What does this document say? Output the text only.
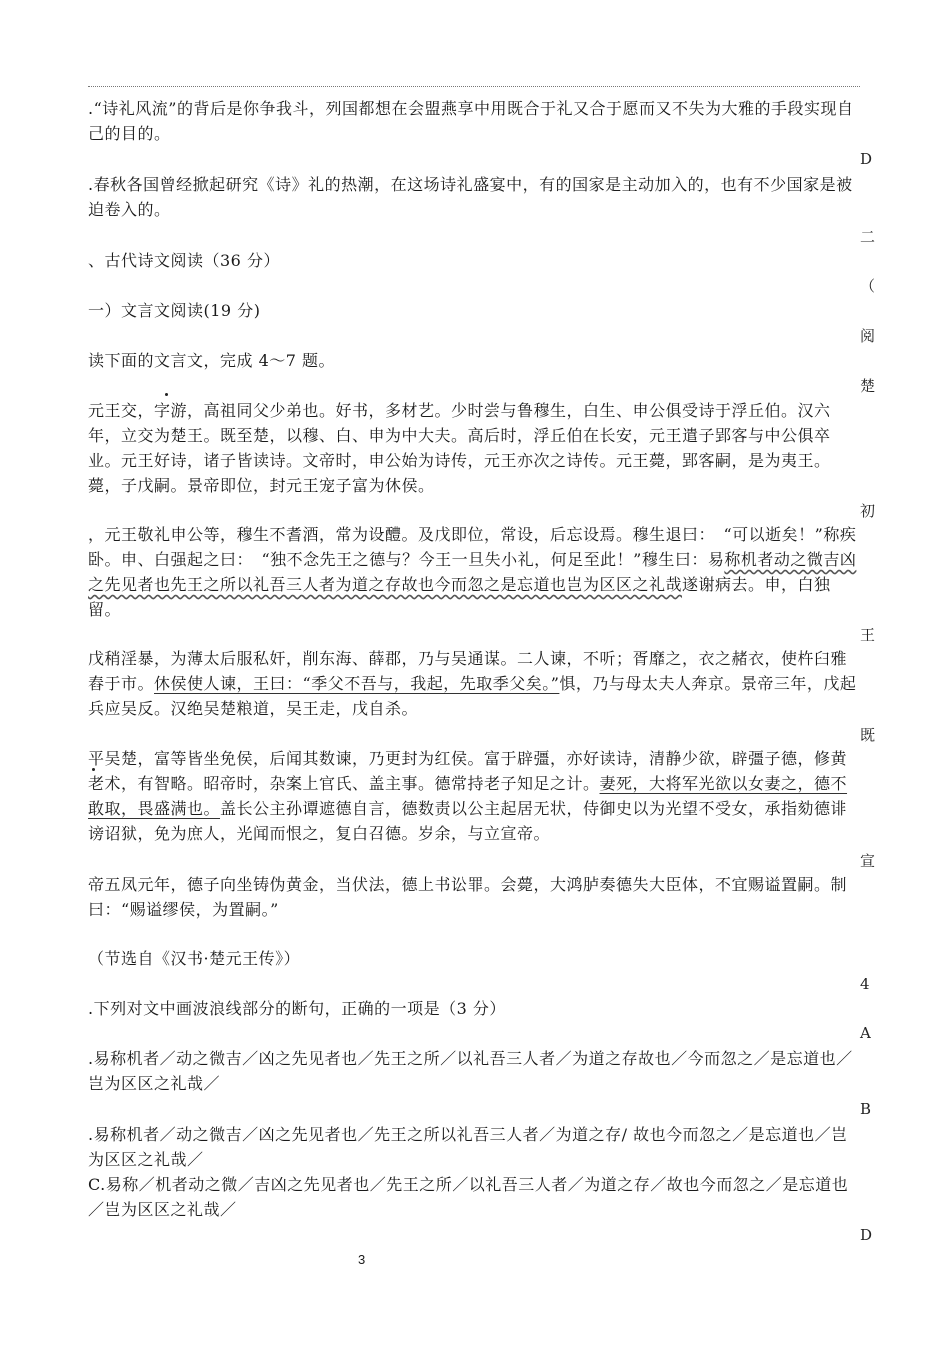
.“诗礼风流”的背后是你争我斗，列国都想在会盟燕享中用既合于礼又合于愿而又不失为大雅的手段实现自己的目的。
.春秋各国曾经掀起研究《诗》礼的热潮，在这场诗礼盛宴中，有的国家是主动加入的，也有不少国家是被迫卷入的。
、古代诗文阅读（36 分）
一）文言文阅读(19 分)
读下面的文言文，完成 4～7 题。
元王交，字游，高祖同父少弟也。好书，多材艺。少时尝与鲁穆生，白生、申公俱受诗于浮丘伯。汉六年，立交为楚王。既至楚，以穆、白、申为中大夫。高后时，浮丘伯在长安，元王遣子郢客与中公俱卒业。元王好诗，诸子皆读诗。文帝时，申公始为诗传，元王亦次之诗传。元王薨，郢客嗣，是为夷王。薨，子戊嗣。景帝即位，封元王宠子富为休侯。
，元王敬礼申公等，穆生不耆酒，常为设醴。及戊即位，常设，后忘设焉。穆生退曰：　“可以逝矣！”称疾卧。申、白强起之曰：　“独不念先王之德与？今王一旦失小礼，何足至此！”穆生曰：易称机者动之微吉凶之先见者也先王之所以礼吾三人者为道之存故也今而忽之是忘道也岂为区区之礼哉遂谢病去。申，白独留。
戊稍淫暴，为薄太后服私奸，削东海、薛郡，乃与吴通谋。二人谏，不听；胥靡之，衣之赭衣，使杵臼雅舂于市。休侯使人谏，王曰：“季父不吾与，我起，先取季父矣。”惧，乃与母太夫人奔京。景帝三年，戊起兵应吴反。汉绝吴楚粮道，吴王走，戊自杀。
平吴楚，富等皆坐免侯，后闻其数谏，乃更封为红侯。富于辟彊，亦好读诗，清静少欲，辟彊子德，修黄老术，有智略。昭帝时，杂案上官氏、盖主事。德常持老子知足之计。妻死，大将军光欲以女妻之，德不敢取，畏盛满也。盖长公主孙谭遮德自言，德数责以公主起居无状，侍御史以为光望不受女，承指劾德诽谤诏狱，免为庶人，光闻而恨之，复白召德。岁余，与立宣帝。
帝五凤元年，德子向坐铸伪黄金，当伏法，德上书讼罪。会薨，大鸿胪奏德失大臣体，不宜赐谥置嗣。制曰：“赐谥缪侯，为置嗣。”
（节选自《汉书·楚元王传》）
.下列对文中画波浪线部分的断句，正确的一项是（3 分）
.易称机者／动之微吉／凶之先见者也／先王之所／以礼吾三人者／为道之存故也／今而忽之／是忘道也／岂为区区之礼哉／
.易称机者／动之微吉／凶之先见者也／先王之所以礼吾三人者／为道之存/ 故也今而忽之／是忘道也／岂为区区之礼哉／
C.易称／机者动之微／吉凶之先见者也／先王之所／以礼吾三人者／为道之存／故也今而忽之／是忘道也／岂为区区之礼哉／
D
二
（
阅
楚
初
王
既
宣
4
A
B
D
3
